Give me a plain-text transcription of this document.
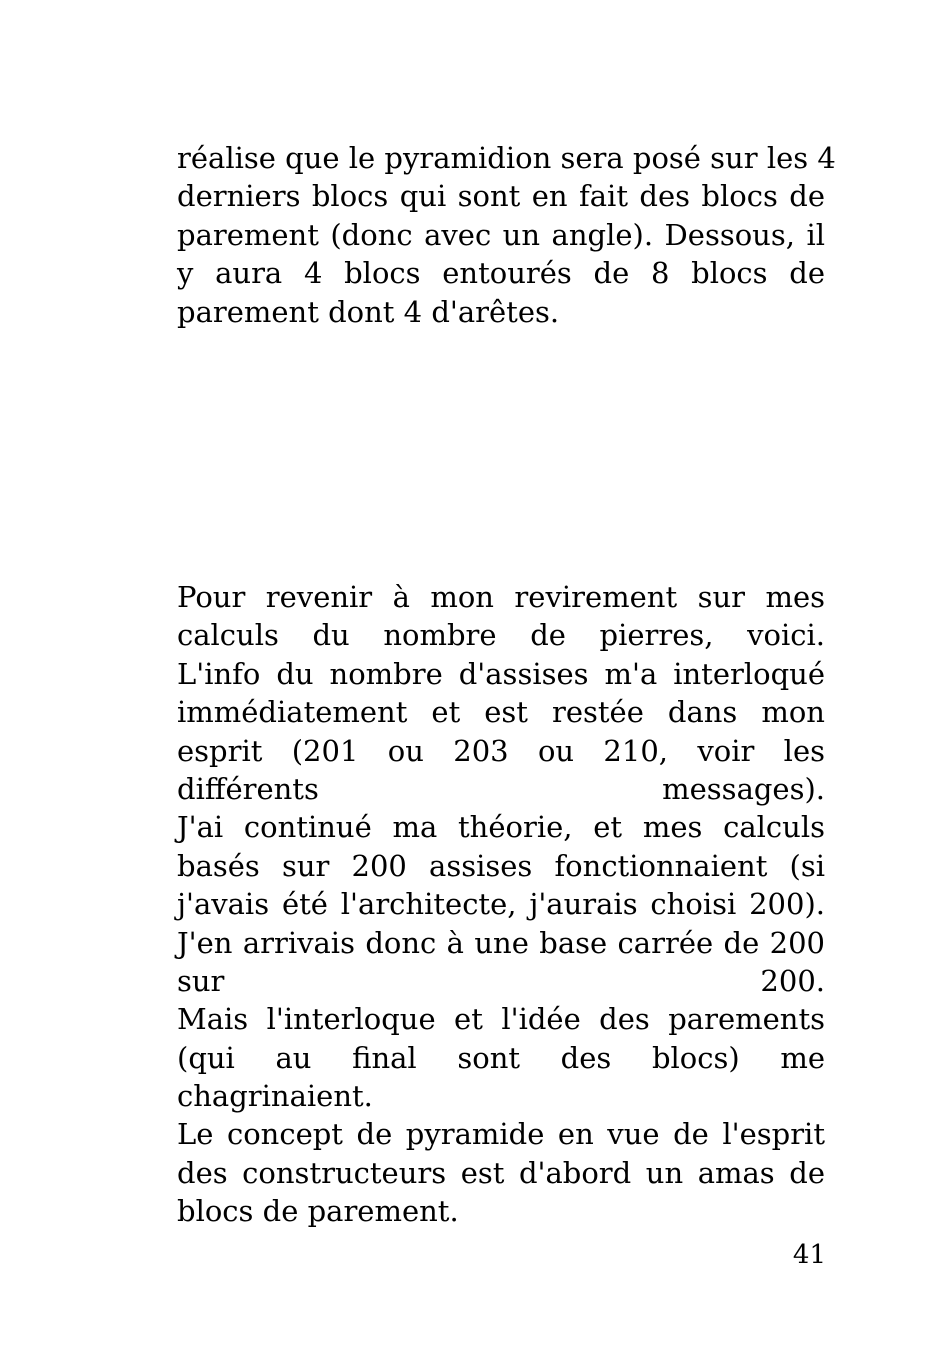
réalise que le pyramidion sera posé sur les 4
derniers blocs qui sont en fait des blocs de
parement (donc avec un angle). Dessous, il
y aura 4 blocs entourés de 8 blocs de
parement dont 4 d'arêtes.
Pour revenir à mon revirement sur mes
calculs du nombre de pierres, voici.
L'info du nombre d'assises m'a interloqué
immédiatement et est restée dans mon
esprit (201 ou 203 ou 210, voir les
différents messages).
J'ai continué ma théorie, et mes calculs
basés sur 200 assises fonctionnaient (si
j'avais été l'architecte, j'aurais choisi 200).
J'en arrivais donc à une base carrée de 200
sur 200.
Mais l'interloque et l'idée des parements
(qui au final sont des blocs) me
chagrinaient.
Le concept de pyramide en vue de l'esprit
des constructeurs est d'abord un amas de
blocs de parement.
41
